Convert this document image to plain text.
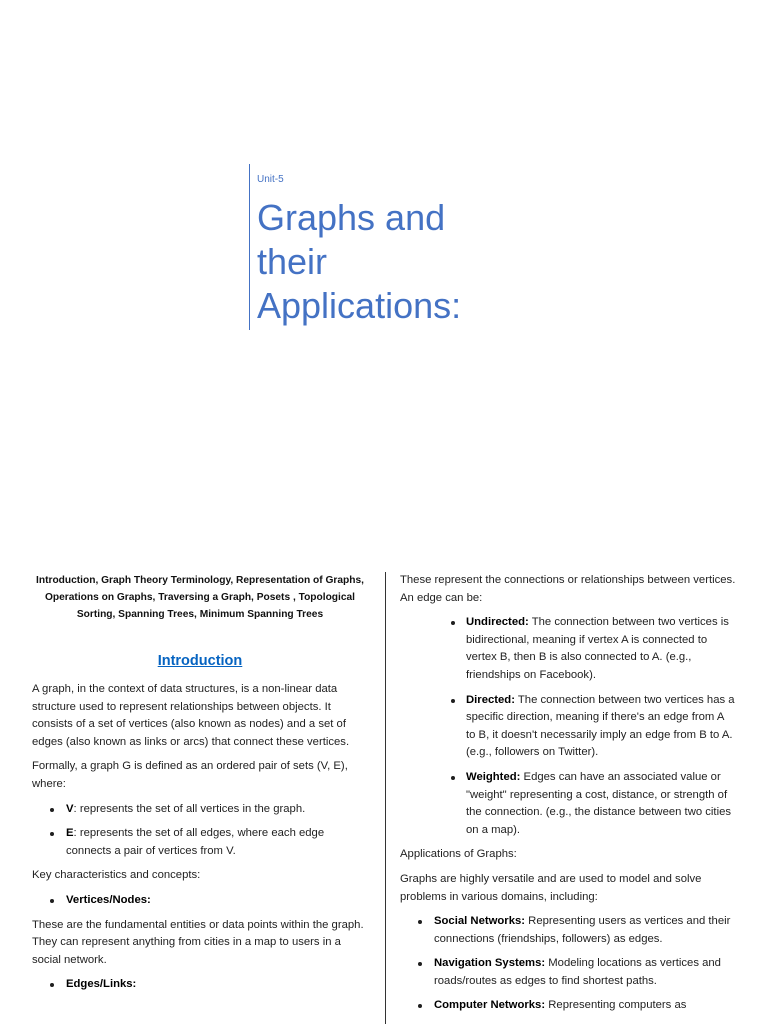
Unit-5
Graphs and
their
Applications:

Introduction, Graph Theory Terminology, Representation of Graphs, Operations on Graphs, Traversing a Graph, Posets , Topological Sorting, Spanning Trees, Minimum Spanning Trees

Introduction

A graph, in the context of data structures, is a non-linear data structure used to represent relationships between objects. It consists of a set of vertices (also known as nodes) and a set of edges (also known as links or arcs) that connect these vertices.

Formally, a graph G is defined as an ordered pair of sets (V, E), where:

V: represents the set of all vertices in the graph.
E: represents the set of all edges, where each edge connects a pair of vertices from V.

Key characteristics and concepts:

Vertices/Nodes:

These are the fundamental entities or data points within the graph. They can represent anything from cities in a map to users in a social network.

Edges/Links:

These represent the connections or relationships between vertices. An edge can be:

Undirected: The connection between two vertices is bidirectional, meaning if vertex A is connected to vertex B, then B is also connected to A. (e.g., friendships on Facebook).
Directed: The connection between two vertices has a specific direction, meaning if there's an edge from A to B, it doesn't necessarily imply an edge from B to A. (e.g., followers on Twitter).
Weighted: Edges can have an associated value or "weight" representing a cost, distance, or strength of the connection. (e.g., the distance between two cities on a map).

Applications of Graphs:

Graphs are highly versatile and are used to model and solve problems in various domains, including:

Social Networks: Representing users as vertices and their connections (friendships, followers) as edges.
Navigation Systems: Modeling locations as vertices and roads/routes as edges to find shortest paths.
Computer Networks: Representing computers as
